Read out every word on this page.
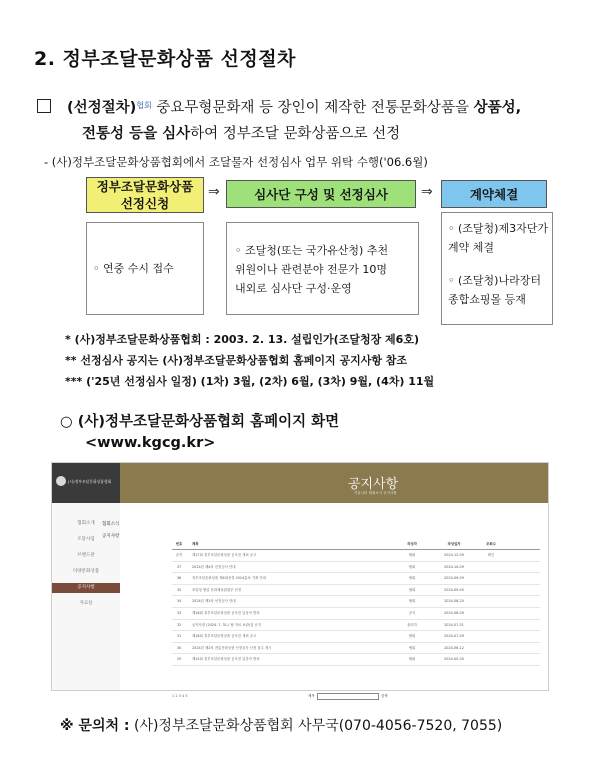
2. 정부조달문화상품 선정절차
(선정절차)$^{협회}$ 중요무형문화재 등 장인이 제작한 전통문화상품을 상품성,
전통성 등을 심사하여 정부조달 문화상품으로 선정
- (사)정부조달문화상품협회에서 조달물자 선정심사 업무 위탁 수행('06.6월)
정부조달문화상품
선정신청
⇒	심사단 구성 및 선정심사	⇒	계약체결
◦ 연중 수시 접수
◦ 조달청(또는 국가유산청) 추천
위원이나 관련분야 전문가 10명
내외로 심사단 구성·운영
◦ (조달청)제3자단가 계약 체결
◦ (조달청)나라장터 종합쇼핑몰 등재
* (사)정부조달문화상품협회 : 2003. 2. 13. 설립인가(조달청장 제6호)
** 선정심사 공지는 (사)정부조달문화상품협회 홈페이지 공지사항 참조
*** ('25년 선정심사 일정) (1차) 3월, (2차) 6월, (3차) 9월, (4차) 11월
○ (사)정부조달문화상품협회 홈페이지 화면
<www.kgcg.kr>
(사)정부조달문화상품협회
협회소개
조달사업
브랜드관
다양문화상품
공지사항
자료실
공지사항
커뮤니티 협회소식 공지사항
협회소식
공지사항
번호	제목	작성자	작성일자	조회수
공지	제17회 정부조달문화상품 공모전 개최 공고	협회	2024-12-09	확인
37	2024년 제4차 선정심사 안내	협회	2024-10-09
36	정부조달문화상품 제4회선정 2024홍보 기획 안내	협회	2024-09-09
35	조달청 협업 문화체육관광부 선정	협회	2024-09-05
34	2024년 제3차 선정심사 안내	협회	2024-08-20
33	제16회 정부조달문화상품 공모전 입상자 발표	공지	2024-08-09
32	공지사항 (2024. 7. 31.) 협 자료 보관/업 공지	관리자	2024-07-31
31	제16회 정부조달문화상품 공모전 개최 공고	협회	2024-07-09
30	2024년 제2차 전통문화상품 선정심사 신청 접수 개시	협회	2024-06-12
29	제15회 정부조달문화상품 공모전 입상자 발표	협회	2024-05-30
1 2 3 4 5	제목	검색
※ 문의처 : (사)정부조달문화상품협회 사무국(070-4056-7520, 7055)
